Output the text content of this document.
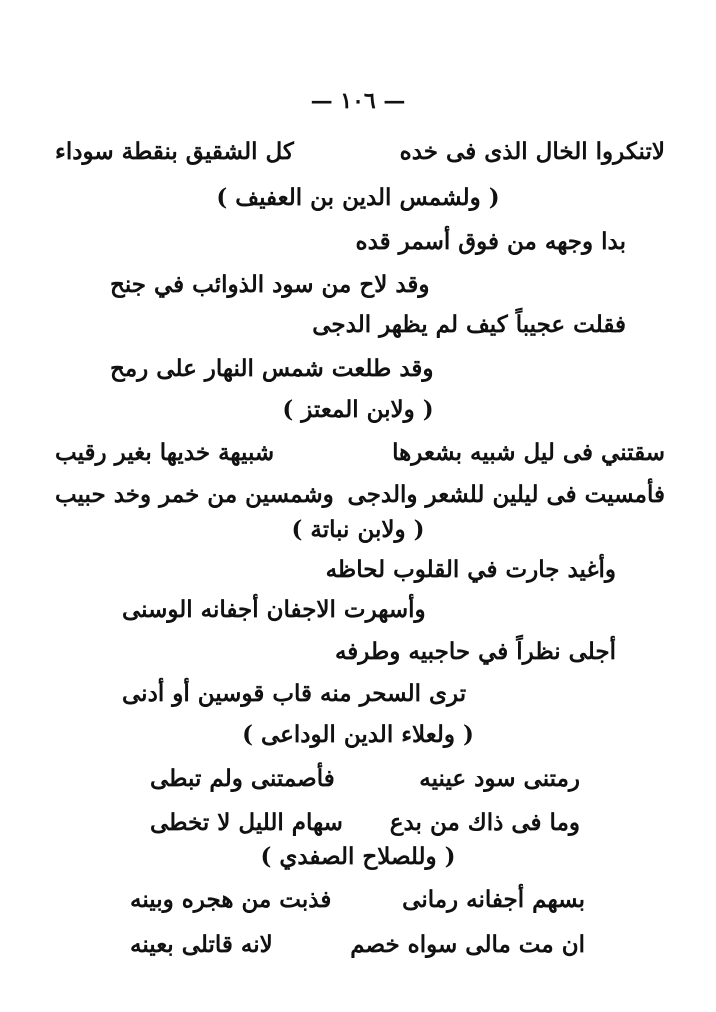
— ١٠٦ —
لاتنكروا الخال الذى فى خده
كل الشقيق بنقطة سوداء
( ولشمس الدين بن العفيف )
بدا وجهه من فوق أسمر قده
وقد لاح من سود الذوائب في جنح
فقلت عجيباً كيف لم يظهر الدجى
وقد طلعت شمس النهار على رمح
( ولابن المعتز )
سقتني فى ليل شبيه بشعرها
شبيهة خديها بغير رقيب
فأمسيت فى ليلين للشعر والدجى
وشمسين من خمر وخد حبيب
( ولابن نباتة )
وأغيد جارت في القلوب لحاظه
وأسهرت الاجفان أجفانه الوسنى
أجلى نظراً في حاجبيه وطرفه
ترى السحر منه قاب قوسين أو أدنى
( ولعلاء الدين الوداعى )
رمتنى سود عينيه
فأصمتنى ولم تبطى
وما فى ذاك من بدع
سهام الليل لا تخطى
( وللصلاح الصفدي )
بسهم أجفانه رمانى
فذبت من هجره وبينه
ان مت مالى سواه خصم
لانه قاتلى بعينه
